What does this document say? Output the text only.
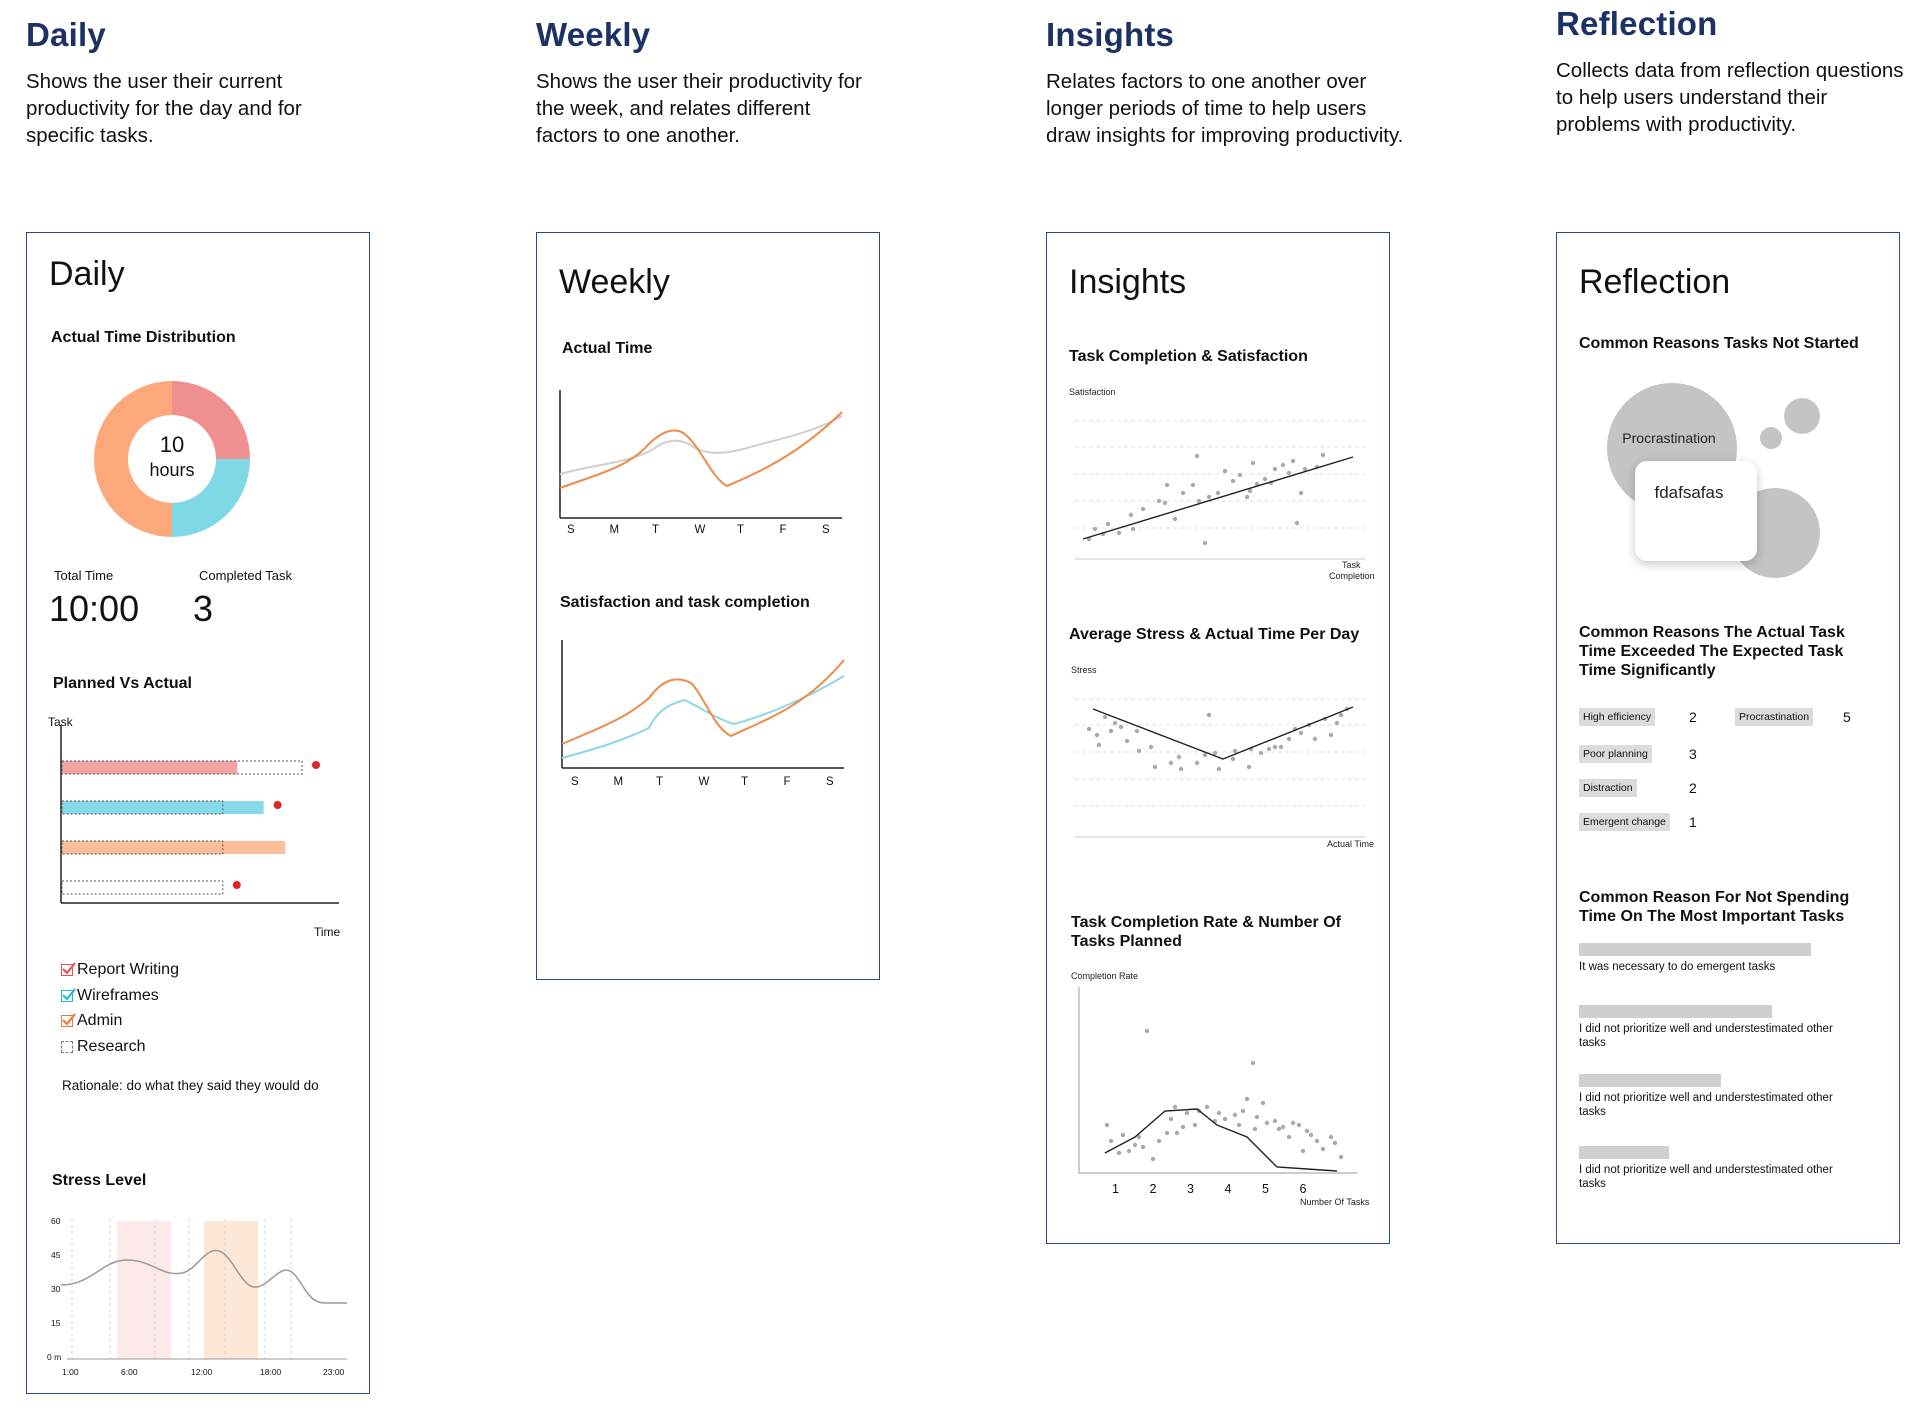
Daily

Shows the user their current productivity for the day and for specific tasks.

Weekly

Shows the user their productivity for the week, and relates different factors to one another.

Insights

Relates factors to one another over longer periods of time to help users draw insights for improving productivity.

Reflection

Collects data from reflection questions to help users understand their problems with productivity.

Daily
Actual Time Distribution
10
hours
Total Time
10:00
Completed Task
3
Planned Vs Actual
Task
Time
Report Writing
Wireframes
Admin
Research
Rationale: do what they said they would do
Stress Level
60
45
30
15
0 m
1:00	6:00	12:00	18:00	23:00
Weekly
Actual Time
S	M	T	W	T	F	S
Satisfaction and task completion
S	M	T	W	T	F	S
Insights
Task Completion & Satisfaction
Satisfaction
Task
Completion
Average Stress & Actual Time Per Day
Stress
Actual Time
Task Completion Rate & Number Of Tasks Planned
Completion Rate
1 2 3 4 5 6
Number Of Tasks
Reflection
Common Reasons Tasks Not Started
Procrastination
fdafsafas
Common Reasons The Actual Task Time Exceeded The Expected Task Time Significantly
High efficiency	2	Procrastination 5
Poor planning	3
Distraction	2
Emergent change 1
Common Reason For Not Spending Time On The Most Important Tasks
It was necessary to do emergent tasks
I did not prioritize well and understestimated other tasks
I did not prioritize well and understestimated other tasks
I did not prioritize well and understestimated other tasks
